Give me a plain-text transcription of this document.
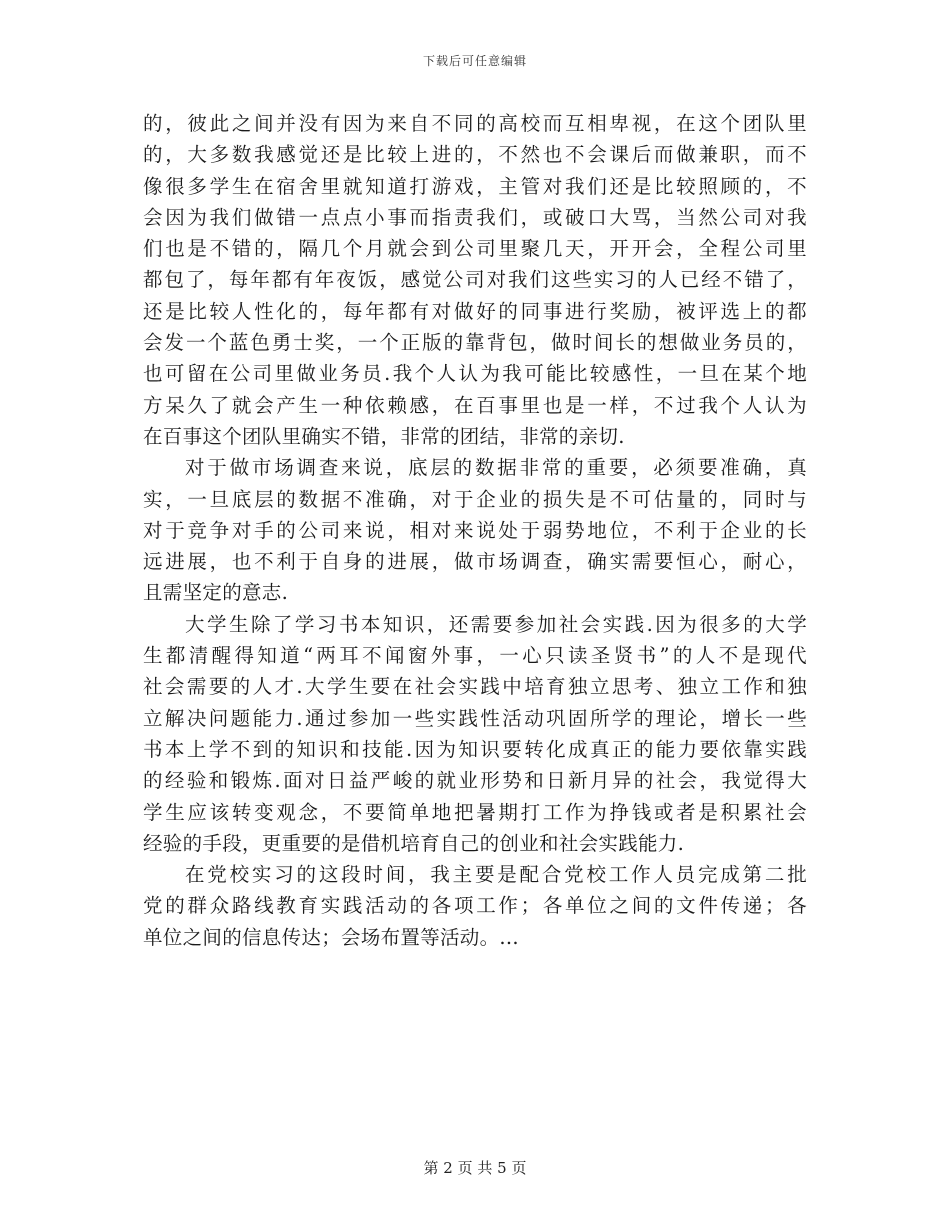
下载后可任意编辑
的，彼此之间并没有因为来自不同的高校而互相卑视，在这个团队里
的，大多数我感觉还是比较上进的，不然也不会课后而做兼职，而不
像很多学生在宿舍里就知道打游戏，主管对我们还是比较照顾的，不
会因为我们做错一点点小事而指责我们，或破口大骂，当然公司对我
们也是不错的，隔几个月就会到公司里聚几天，开开会，全程公司里
都包了，每年都有年夜饭，感觉公司对我们这些实习的人已经不错了，
还是比较人性化的，每年都有对做好的同事进行奖励，被评选上的都
会发一个蓝色勇士奖，一个正版的靠背包，做时间长的想做业务员的，
也可留在公司里做业务员.我个人认为我可能比较感性，一旦在某个地
方呆久了就会产生一种依赖感，在百事里也是一样，不过我个人认为
在百事这个团队里确实不错，非常的团结，非常的亲切.
对于做市场调查来说，底层的数据非常的重要，必须要准确，真
实，一旦底层的数据不准确，对于企业的损失是不可估量的，同时与
对于竞争对手的公司来说，相对来说处于弱势地位，不利于企业的长
远进展，也不利于自身的进展，做市场调查，确实需要恒心，耐心，
且需坚定的意志.
大学生除了学习书本知识，还需要参加社会实践.因为很多的大学
生都清醒得知道“两耳不闻窗外事，一心只读圣贤书”的人不是现代
社会需要的人才.大学生要在社会实践中培育独立思考、独立工作和独
立解决问题能力.通过参加一些实践性活动巩固所学的理论，增长一些
书本上学不到的知识和技能.因为知识要转化成真正的能力要依靠实践
的经验和锻炼.面对日益严峻的就业形势和日新月异的社会，我觉得大
学生应该转变观念，不要简单地把暑期打工作为挣钱或者是积累社会
经验的手段，更重要的是借机培育自己的创业和社会实践能力.
在党校实习的这段时间，我主要是配合党校工作人员完成第二批
党的群众路线教育实践活动的各项工作；各单位之间的文件传递；各
单位之间的信息传达；会场布置等活动。...
第 2 页 共 5 页
